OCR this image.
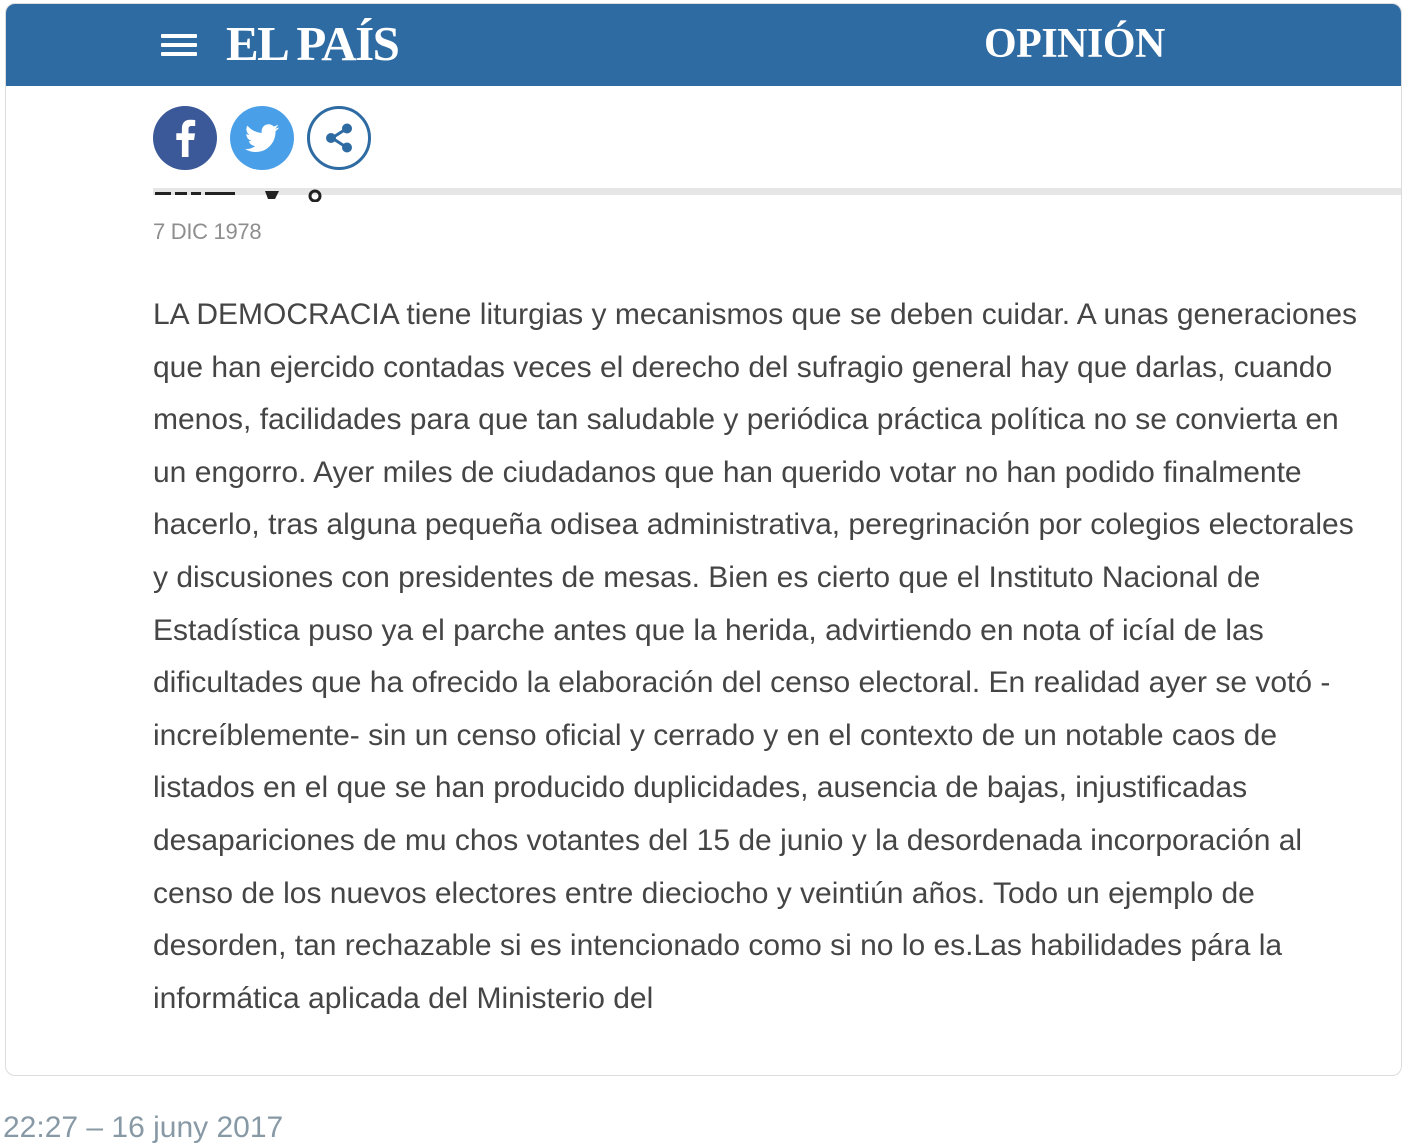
EL PAÍS	OPINIÓN
7 DIC 1978

LA DEMOCRACIA tiene liturgias y mecanismos que se deben cuidar. A unas generaciones que han ejercido contadas veces el derecho del sufragio general hay que darlas, cuando menos, facilidades para que tan saludable y periódica práctica política no se convierta en un engorro. Ayer miles de ciudadanos que han querido votar no han podido finalmente hacerlo, tras alguna pequeña odisea administrativa, peregrinación por colegios electorales y discusiones con presidentes de mesas. Bien es cierto que el Instituto Nacional de Estadística puso ya el parche antes que la herida, advirtiendo en nota of icíal de las dificultades que ha ofrecido la elaboración del censo electoral. En realidad ayer se votó -increíblemente- sin un censo oficial y cerrado y en el contexto de un notable caos de listados en el que se han producido duplicidades, ausencia de bajas, injustificadas desapariciones de mu chos votantes del 15 de junio y la desordenada incorporación al censo de los nuevos electores entre dieciocho y veintiún años. Todo un ejemplo de desorden, tan rechazable si es intencionado como si no lo es.Las habilidades pára la informática aplicada del Ministerio del

22:27 – 16 juny 2017
